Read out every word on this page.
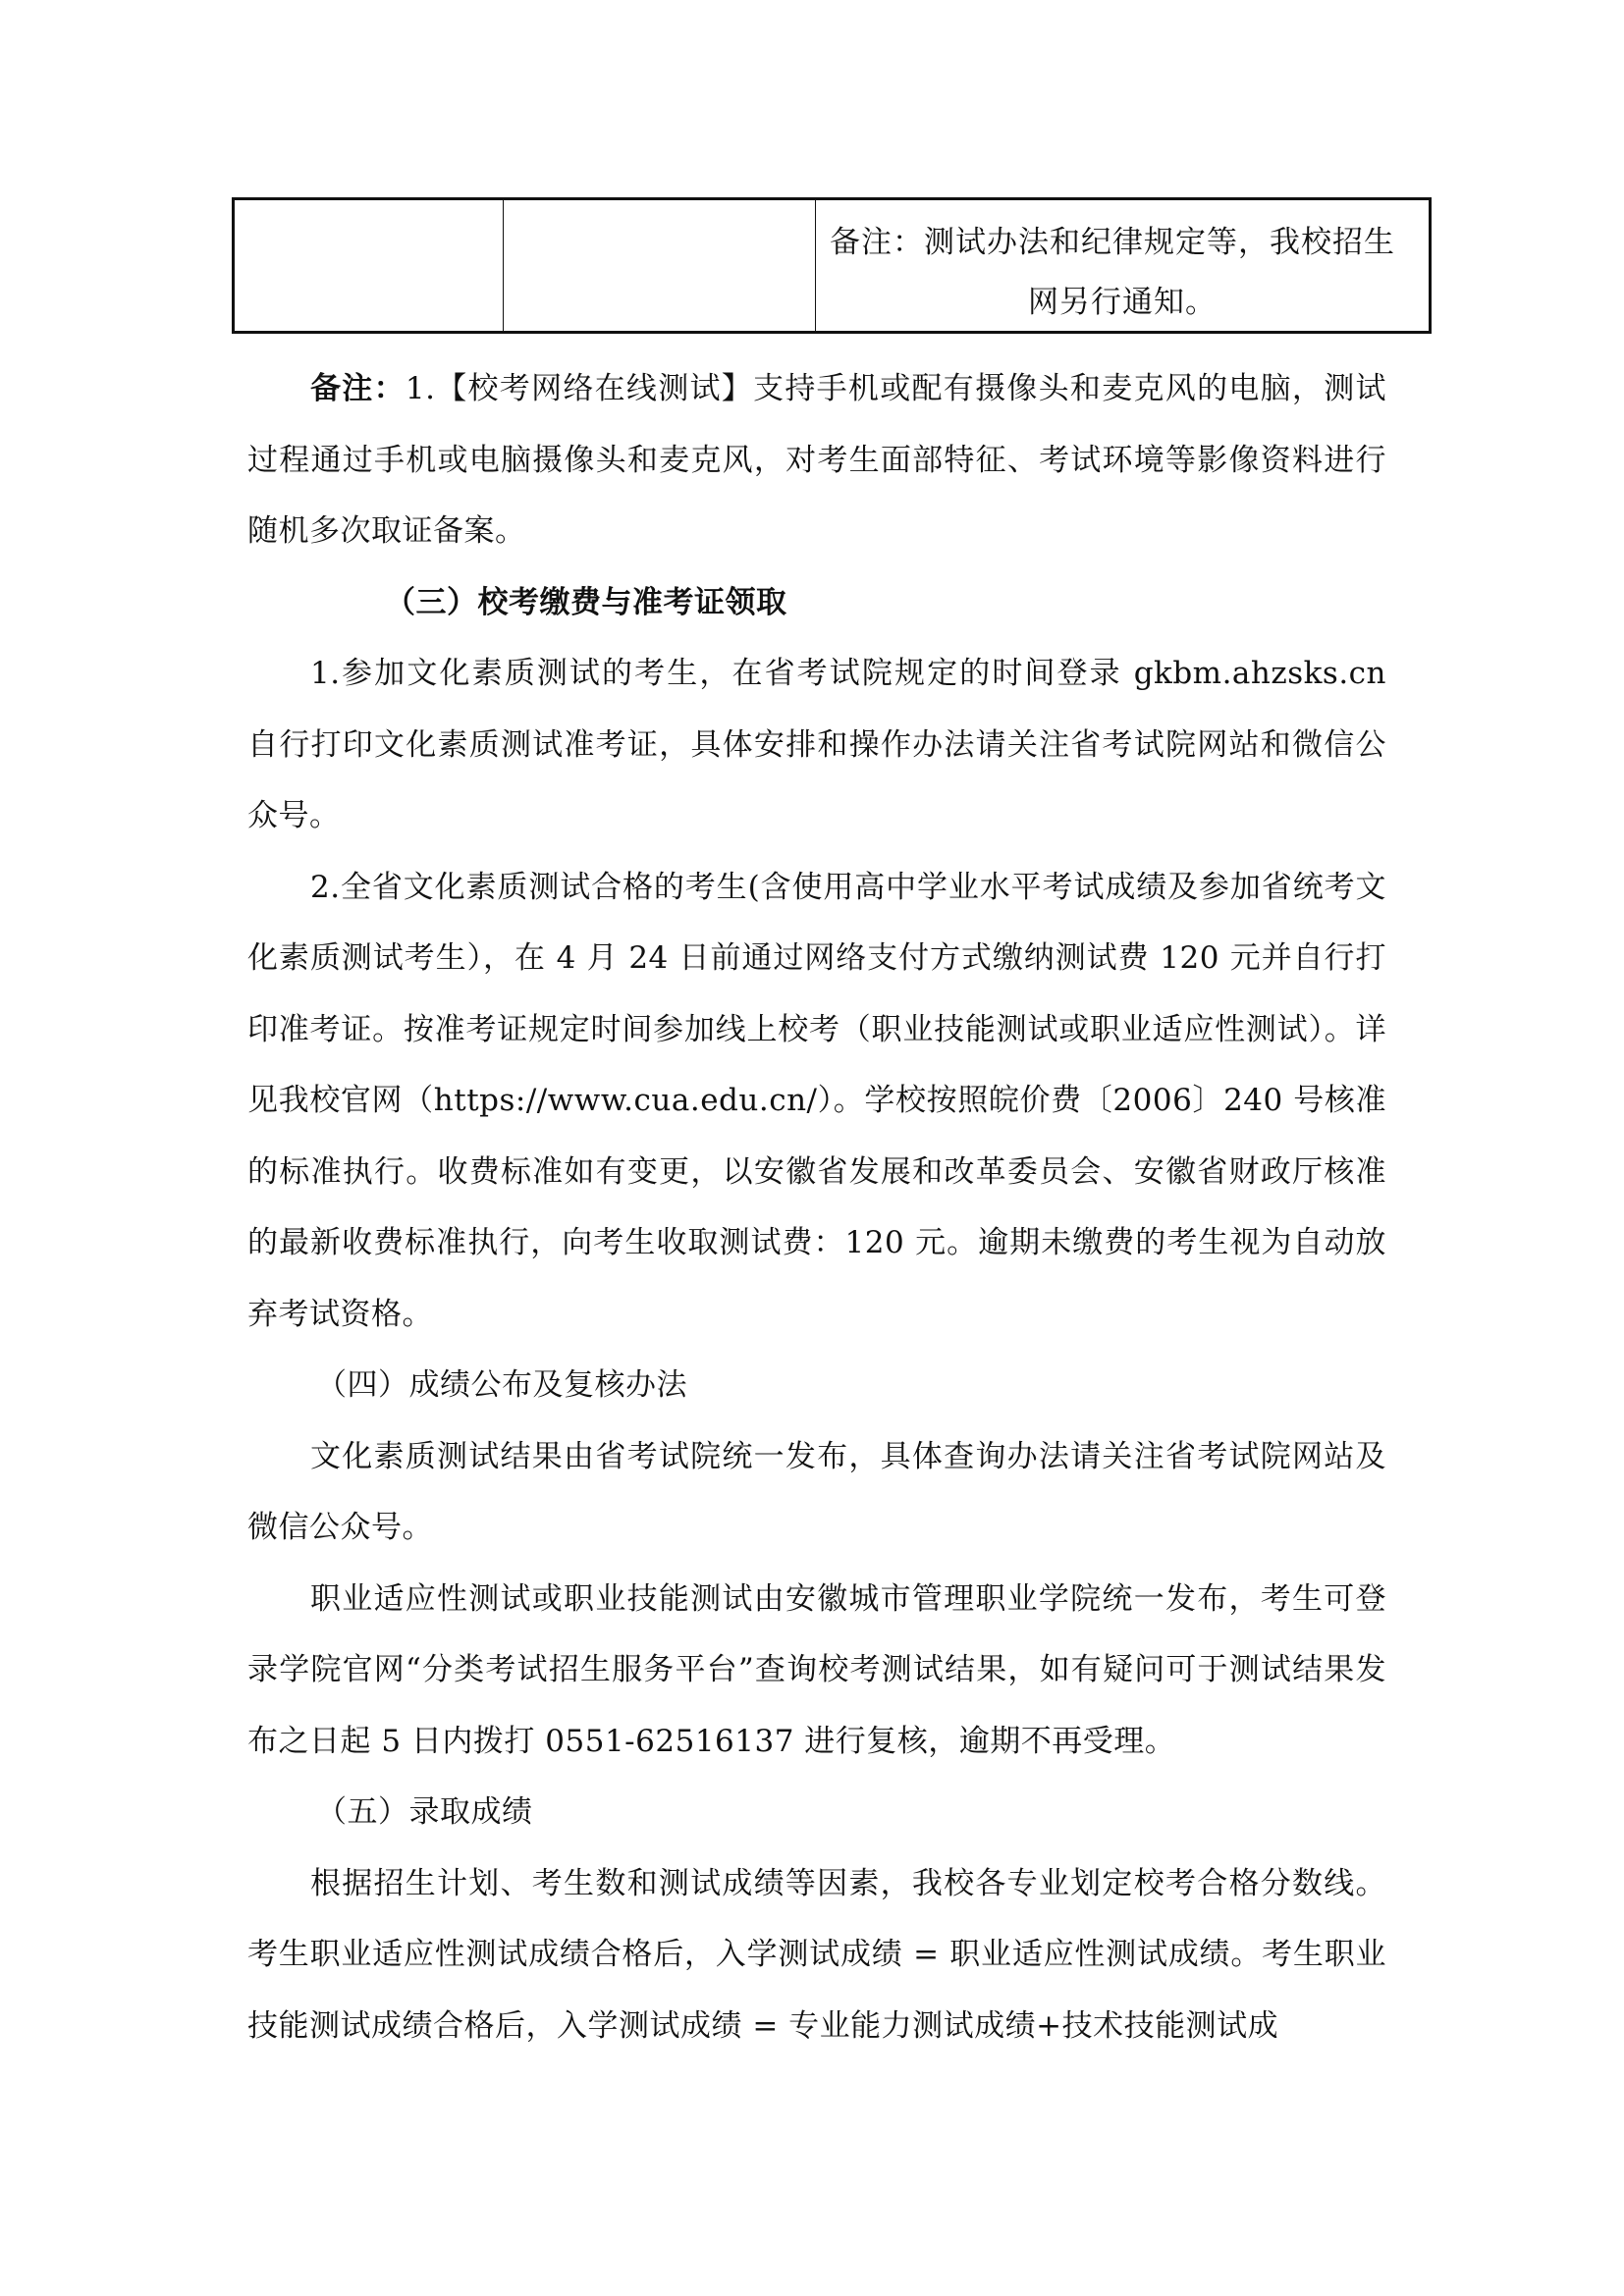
备注：测试办法和纪律规定等，我校招生
网另行通知。

备注：1.【校考网络在线测试】支持手机或配有摄像头和麦克风的电脑，测试过程通过手机或电脑摄像头和麦克风，对考生面部特征、考试环境等影像资料进行随机多次取证备案。

（三）校考缴费与准考证领取

1.参加文化素质测试的考生，在省考试院规定的时间登录 gkbm.ahzsks.cn 自行打印文化素质测试准考证，具体安排和操作办法请关注省考试院网站和微信公众号。

2.全省文化素质测试合格的考生(含使用高中学业水平考试成绩及参加省统考文化素质测试考生），在 4 月 24 日前通过网络支付方式缴纳测试费 120 元并自行打印准考证。按准考证规定时间参加线上校考（职业技能测试或职业适应性测试）。详见我校官网（https://www.cua.edu.cn/）。学校按照皖价费〔2006〕240 号核准的标准执行。收费标准如有变更，以安徽省发展和改革委员会、安徽省财政厅核准的最新收费标准执行，向考生收取测试费：120 元。逾期未缴费的考生视为自动放弃考试资格。

（四）成绩公布及复核办法

文化素质测试结果由省考试院统一发布，具体查询办法请关注省考试院网站及微信公众号。

职业适应性测试或职业技能测试由安徽城市管理职业学院统一发布，考生可登录学院官网“分类考试招生服务平台”查询校考测试结果，如有疑问可于测试结果发布之日起 5 日内拨打 0551-62516137 进行复核，逾期不再受理。

（五）录取成绩

根据招生计划、考生数和测试成绩等因素，我校各专业划定校考合格分数线。考生职业适应性测试成绩合格后，入学测试成绩 = 职业适应性测试成绩。考生职业技能测试成绩合格后，入学测试成绩 = 专业能力测试成绩+技术技能测试成
